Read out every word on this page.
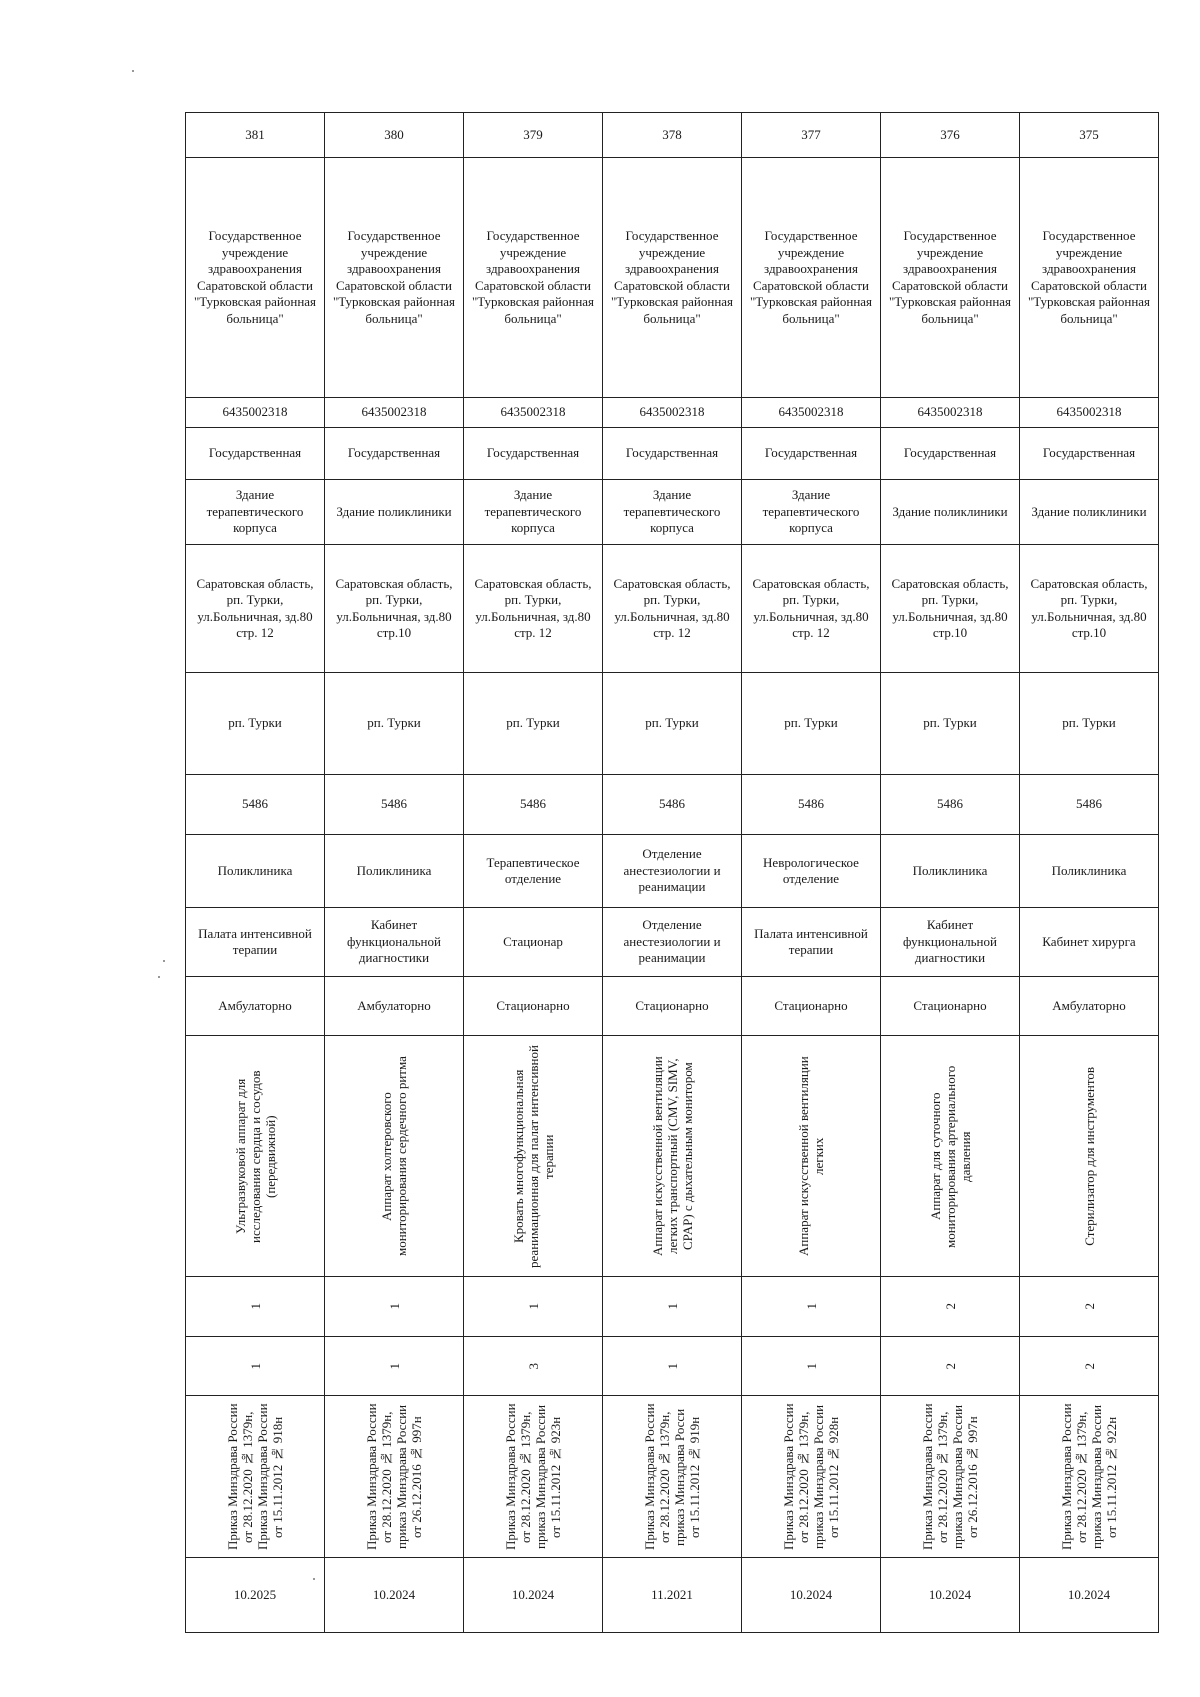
381	380	379	378	377	376	375
Государственное учреждение здравоохранения Саратовской области "Турковская районная больница"	Государственное учреждение здравоохранения Саратовской области "Турковская районная больница"	Государственное учреждение здравоохранения Саратовской области "Турковская районная больница"	Государственное учреждение здравоохранения Саратовской области "Турковская районная больница"	Государственное учреждение здравоохранения Саратовской области "Турковская районная больница"	Государственное учреждение здравоохранения Саратовской области "Турковская районная больница"	Государственное учреждение здравоохранения Саратовской области "Турковская районная больница"
6435002318	6435002318	6435002318	6435002318	6435002318	6435002318	6435002318
Государственная	Государственная	Государственная	Государственная	Государственная	Государственная	Государственная
Здание терапевтического корпуса	Здание поликлиники	Здание терапевтического корпуса	Здание терапевтического корпуса	Здание терапевтического корпуса	Здание поликлиники	Здание поликлиники
Саратовская область, рп. Турки, ул.Больничная, зд.80 стр. 12	Саратовская область, рп. Турки, ул.Больничная, зд.80 стр.10	Саратовская область, рп. Турки, ул.Больничная, зд.80 стр. 12	Саратовская область, рп. Турки, ул.Больничная, зд.80 стр. 12	Саратовская область, рп. Турки, ул.Больничная, зд.80 стр. 12	Саратовская область, рп. Турки, ул.Больничная, зд.80 стр.10	Саратовская область, рп. Турки, ул.Больничная, зд.80 стр.10
рп. Турки	рп. Турки	рп. Турки	рп. Турки	рп. Турки	рп. Турки	рп. Турки
5486	5486	5486	5486	5486	5486	5486
Поликлиника	Поликлиника	Терапевтическое отделение	Отделение анестезиологии и реанимации	Неврологическое отделение	Поликлиника	Поликлиника
Палата интенсивной терапии	Кабинет функциональной диагностики	Стационар	Отделение анестезиологии и реанимации	Палата интенсивной терапии	Кабинет функциональной диагностики	Кабинет хирурга
Амбулаторно	Амбулаторно	Стационарно	Стационарно	Стационарно	Стационарно	Амбулаторно

Ультразвуковой аппарат для исследования сердца и сосудов (передвижной)	Аппарат холтеровского мониторирования сердечного ритма	Кровать многофункциональная реанимационная для палат интенсивной терапии	Аппарат искусственной вентиляции легких транспортный (CMV, SIMV, CPAP) с дыхательным монитором	Аппарат искусственной вентиляции легких	Аппарат для суточного мониторирования артериального давления	Стерилизатор для инструментов

1	1	1	1	1	2	2

1	1	3	1	1	2	2

Приказ Минздрава России от 28.12.2020 № 1379н, Приказ Минздрава России от 15.11.2012 № 918н	Приказ Минздрава России от 28.12.2020 № 1379н, приказ Минздрава России от 26.12.2016 № 997н	Приказ Минздрава России от 28.12.2020 № 1379н, приказ Минздрава России от 15.11.2012 № 923н	Приказ Минздрава России от 28.12.2020 № 1379н, приказ Минздрава Росси от 15.11.2012 № 919н	Приказ Минздрава России от 28.12.2020 № 1379н, приказ Минздрава России от 15.11.2012 № 928н	Приказ Минздрава России от 28.12.2020 № 1379н, приказ Минздрава России от 26.12.2016 № 997н	Приказ Минздрава России от 28.12.2020 № 1379н, приказ Минздрава России от 15.11.2012 № 922н

10.2025	10.2024	10.2024	11.2021	10.2024	10.2024	10.2024
